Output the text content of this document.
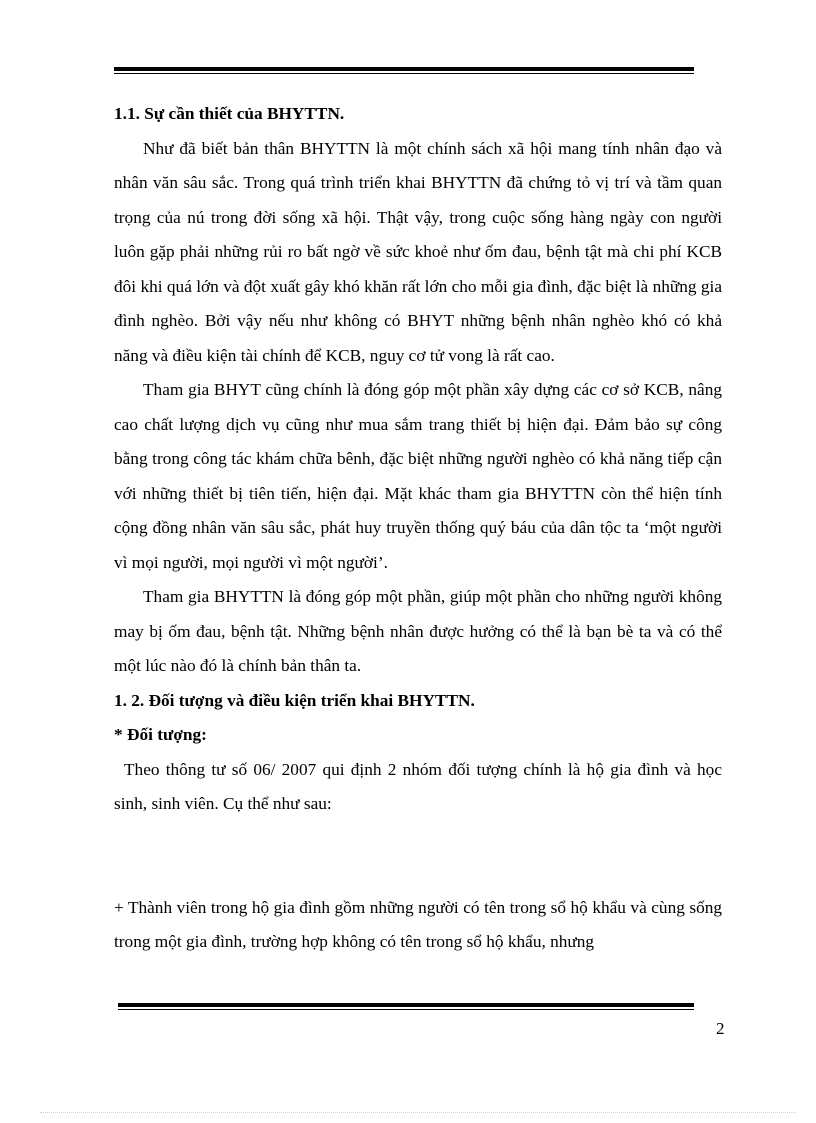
1.1. Sự cần thiết của BHYTTN.

Như đã biết bản thân BHYTTN là một chính sách xã hội mang tính nhân đạo và nhân văn sâu sắc. Trong quá trình triển khai BHYTTN đã chứng tỏ vị trí và tầm quan trọng của nú trong đời sống xã hội. Thật vậy, trong cuộc sống hàng ngày con người luôn gặp phải những rủi ro bất ngờ về sức khoẻ như ốm đau, bệnh tật mà chi phí KCB đôi khi quá lớn và đột xuất gây khó khăn rất lớn cho mỗi gia đình, đặc biệt là những gia đình nghèo. Bởi vậy nếu như không có BHYT những bệnh nhân nghèo khó có khả năng và điều kiện tài chính để KCB, nguy cơ tử vong là rất cao.

Tham gia BHYT cũng chính là đóng góp một phần xây dựng các cơ sở KCB, nâng cao chất lượng dịch vụ cũng như mua sắm trang thiết bị hiện đại. Đảm bảo sự công bằng trong công tác khám chữa bênh, đặc biệt những người nghèo có khả năng tiếp cận với những thiết bị tiên tiến, hiện đại. Mặt khác tham gia BHYTTN còn thể hiện tính cộng đồng nhân văn sâu sắc, phát huy truyền thống quý báu của dân tộc ta ‘một người vì mọi người, mọi người vì một người’.

Tham gia BHYTTN là đóng góp một phần, giúp một phần cho những người không may bị ốm đau, bệnh tật. Những bệnh nhân được hưởng có thể là bạn bè ta và có thể một lúc nào đó là chính bản thân ta.

1. 2. Đối tượng và điều kiện triển khai BHYTTN.

* Đối tượng:

Theo thông tư số 06/ 2007 qui định 2 nhóm đối tượng chính là hộ gia đình và học sinh, sinh viên. Cụ thể như sau:

+ Thành viên trong hộ gia đình gồm những người có tên trong sổ hộ khẩu và cùng sống trong một gia đình, trường hợp không có tên trong sổ hộ khẩu, nhưng

2
